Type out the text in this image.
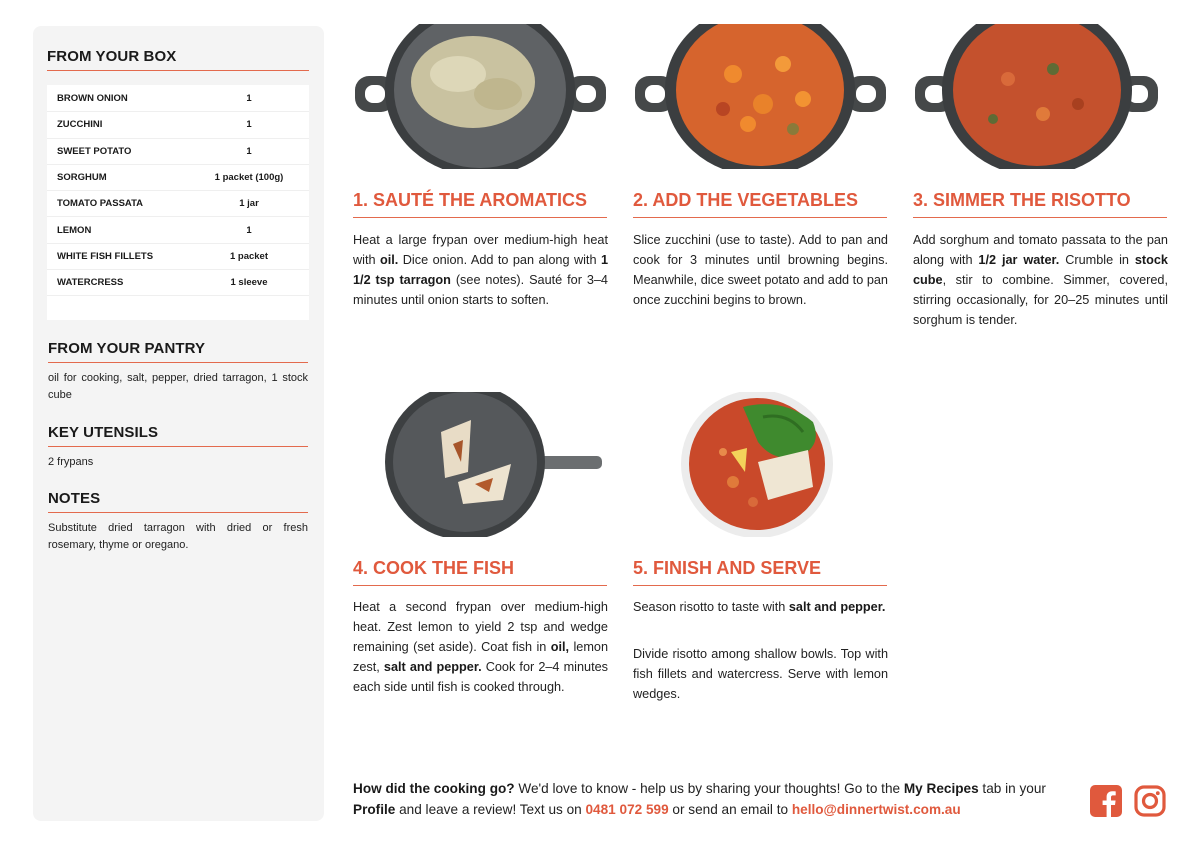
FROM YOUR BOX
BROWN ONION	1
ZUCCHINI	1
SWEET POTATO	1
SORGHUM	1 packet (100g)
TOMATO PASSATA	1 jar
LEMON	1
WHITE FISH FILLETS	1 packet
WATERCRESS	1 sleeve
FROM YOUR PANTRY
oil for cooking, salt, pepper, dried tarragon, 1 stock cube
KEY UTENSILS
2 frypans
NOTES
Substitute dried tarragon with dried or fresh rosemary, thyme or oregano.
1. SAUTÉ THE AROMATICS
Heat a large frypan over medium-high heat with oil. Dice onion. Add to pan along with 1 1/2 tsp tarragon (see notes). Sauté for 3–4 minutes until onion starts to soften.
2. ADD THE VEGETABLES
Slice zucchini (use to taste). Add to pan and cook for 3 minutes until browning begins. Meanwhile, dice sweet potato and add to pan once zucchini begins to brown.
3. SIMMER THE RISOTTO
Add sorghum and tomato passata to the pan along with 1/2 jar water. Crumble in stock cube, stir to combine. Simmer, covered, stirring occasionally, for 20–25 minutes until sorghum is tender.
4. COOK THE FISH
Heat a second frypan over medium-high heat. Zest lemon to yield 2 tsp and wedge remaining (set aside). Coat fish in oil, lemon zest, salt and pepper. Cook for 2–4 minutes each side until fish is cooked through.
5. FINISH AND SERVE
Season risotto to taste with salt and pepper.
Divide risotto among shallow bowls. Top with fish fillets and watercress. Serve with lemon wedges.
How did the cooking go? We'd love to know - help us by sharing your thoughts! Go to the My Recipes tab in your Profile and leave a review! Text us on 0481 072 599 or send an email to hello@dinnertwist.com.au
